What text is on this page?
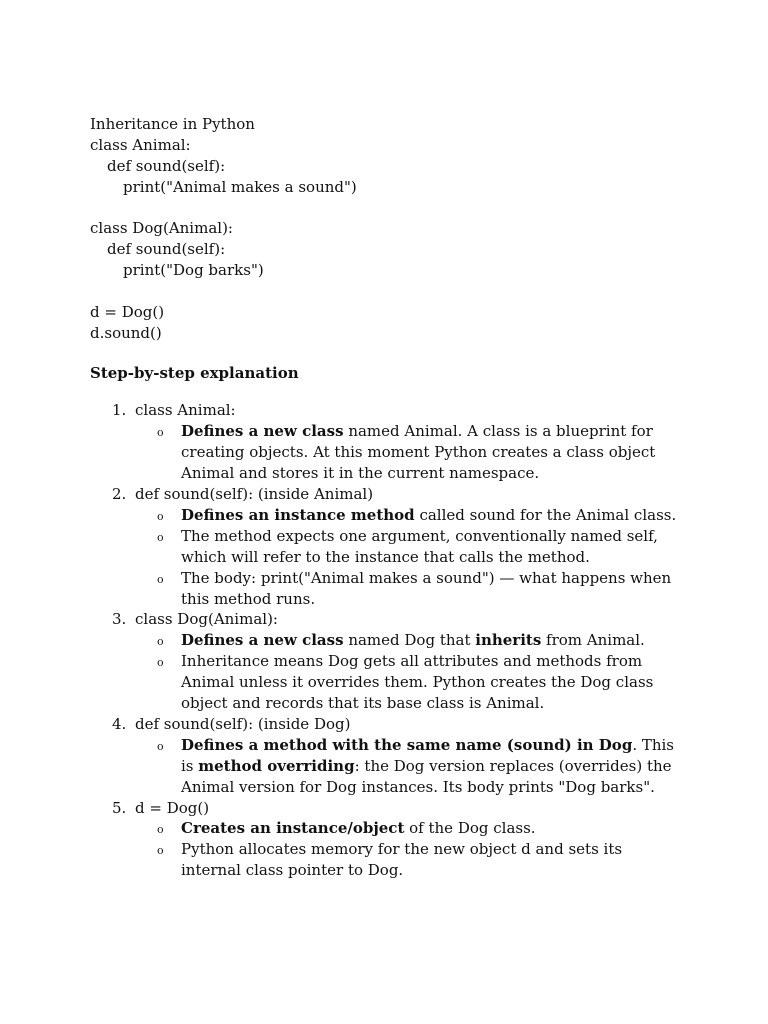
Inheritance in Python
class Animal:
def sound(self):
print("Animal makes a sound")
class Dog(Animal):
def sound(self):
print("Dog barks")
d = Dog()
d.sound()
Step-by-step explanation
1. class Animal:
o Defines a new class named Animal. A class is a blueprint for creating objects. At this moment Python creates a class object Animal and stores it in the current namespace.
2. def sound(self): (inside Animal)
o Defines an instance method called sound for the Animal class.
o The method expects one argument, conventionally named self, which will refer to the instance that calls the method.
o The body: print("Animal makes a sound") — what happens when this method runs.
3. class Dog(Animal):
o Defines a new class named Dog that inherits from Animal.
o Inheritance means Dog gets all attributes and methods from Animal unless it overrides them. Python creates the Dog class object and records that its base class is Animal.
4. def sound(self): (inside Dog)
o Defines a method with the same name (sound) in Dog. This is method overriding: the Dog version replaces (overrides) the Animal version for Dog instances. Its body prints "Dog barks".
5. d = Dog()
o Creates an instance/object of the Dog class.
o Python allocates memory for the new object d and sets its internal class pointer to Dog.
